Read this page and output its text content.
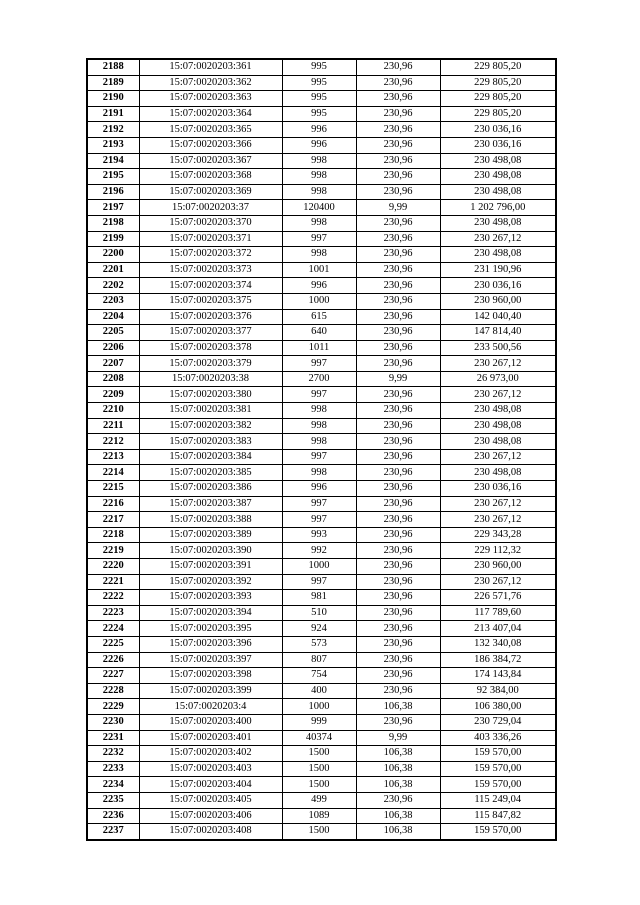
2188	15:07:0020203:361	995	230,96	229 805,20
2189	15:07:0020203:362	995	230,96	229 805,20
2190	15:07:0020203:363	995	230,96	229 805,20
2191	15:07:0020203:364	995	230,96	229 805,20
2192	15:07:0020203:365	996	230,96	230 036,16
2193	15:07:0020203:366	996	230,96	230 036,16
2194	15:07:0020203:367	998	230,96	230 498,08
2195	15:07:0020203:368	998	230,96	230 498,08
2196	15:07:0020203:369	998	230,96	230 498,08
2197	15:07:0020203:37	120400	9,99	1 202 796,00
2198	15:07:0020203:370	998	230,96	230 498,08
2199	15:07:0020203:371	997	230,96	230 267,12
2200	15:07:0020203:372	998	230,96	230 498,08
2201	15:07:0020203:373	1001	230,96	231 190,96
2202	15:07:0020203:374	996	230,96	230 036,16
2203	15:07:0020203:375	1000	230,96	230 960,00
2204	15:07:0020203:376	615	230,96	142 040,40
2205	15:07:0020203:377	640	230,96	147 814,40
2206	15:07:0020203:378	1011	230,96	233 500,56
2207	15:07:0020203:379	997	230,96	230 267,12
2208	15:07:0020203:38	2700	9,99	26 973,00
2209	15:07:0020203:380	997	230,96	230 267,12
2210	15:07:0020203:381	998	230,96	230 498,08
2211	15:07:0020203:382	998	230,96	230 498,08
2212	15:07:0020203:383	998	230,96	230 498,08
2213	15:07:0020203:384	997	230,96	230 267,12
2214	15:07:0020203:385	998	230,96	230 498,08
2215	15:07:0020203:386	996	230,96	230 036,16
2216	15:07:0020203:387	997	230,96	230 267,12
2217	15:07:0020203:388	997	230,96	230 267,12
2218	15:07:0020203:389	993	230,96	229 343,28
2219	15:07:0020203:390	992	230,96	229 112,32
2220	15:07:0020203:391	1000	230,96	230 960,00
2221	15:07:0020203:392	997	230,96	230 267,12
2222	15:07:0020203:393	981	230,96	226 571,76
2223	15:07:0020203:394	510	230,96	117 789,60
2224	15:07:0020203:395	924	230,96	213 407,04
2225	15:07:0020203:396	573	230,96	132 340,08
2226	15:07:0020203:397	807	230,96	186 384,72
2227	15:07:0020203:398	754	230,96	174 143,84
2228	15:07:0020203:399	400	230,96	92 384,00
2229	15:07:0020203:4	1000	106,38	106 380,00
2230	15:07:0020203:400	999	230,96	230 729,04
2231	15:07:0020203:401	40374	9,99	403 336,26
2232	15:07:0020203:402	1500	106,38	159 570,00
2233	15:07:0020203:403	1500	106,38	159 570,00
2234	15:07:0020203:404	1500	106,38	159 570,00
2235	15:07:0020203:405	499	230,96	115 249,04
2236	15:07:0020203:406	1089	106,38	115 847,82
2237	15:07:0020203:408	1500	106,38	159 570,00
